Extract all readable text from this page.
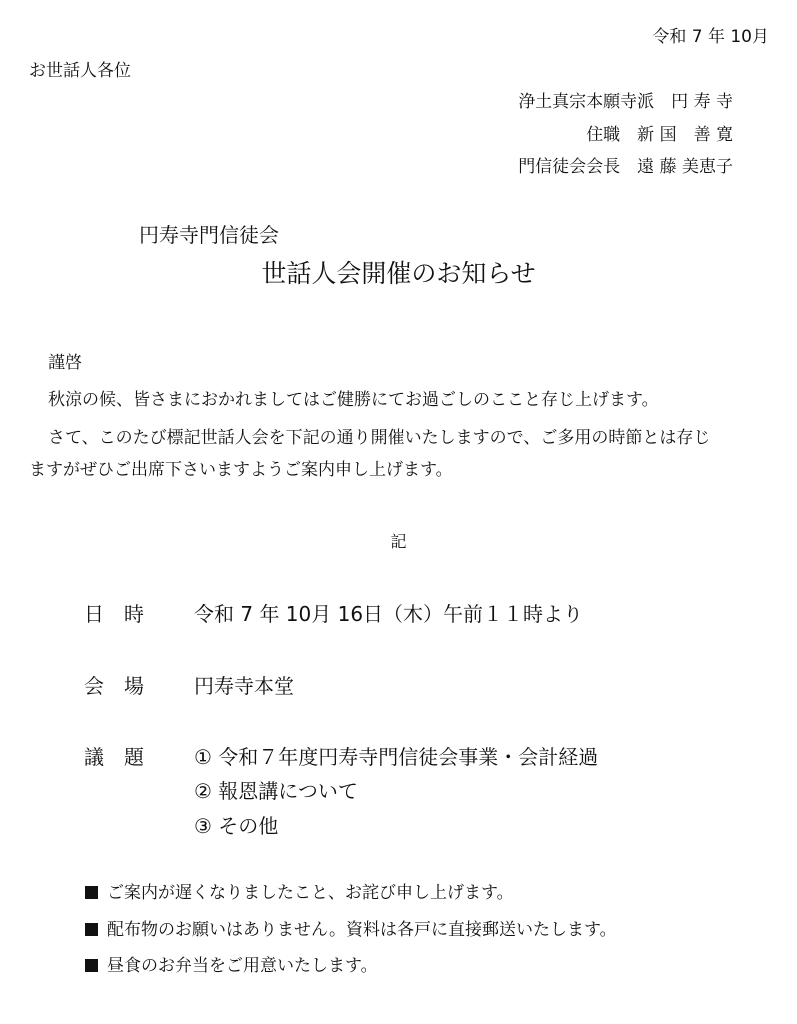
令和 7 年 10月
お世話人各位
浄土真宗本願寺派　円 寿 寺
住職　新 国　善 寛
門信徒会会長　遠 藤 美恵子
円寿寺門信徒会
世話人会開催のお知らせ
謹啓
秋涼の候、皆さまにおかれましてはご健勝にてお過ごしのここと存じ上げます。
さて、このたび標記世話人会を下記の通り開催いたしますので、ご多用の時節とは存じ
ますがぜひご出席下さいますようご案内申し上げます。
記
日　時	令和 7 年 10月 16日（木）午前１１時より
会　場	円寿寺本堂
議　題	① 令和７年度円寿寺門信徒会事業・会計経過
② 報恩講について
③ その他
ご案内が遅くなりましたこと、お詫び申し上げます。
配布物のお願いはありません。資料は各戸に直接郵送いたします。
昼食のお弁当をご用意いたします。
